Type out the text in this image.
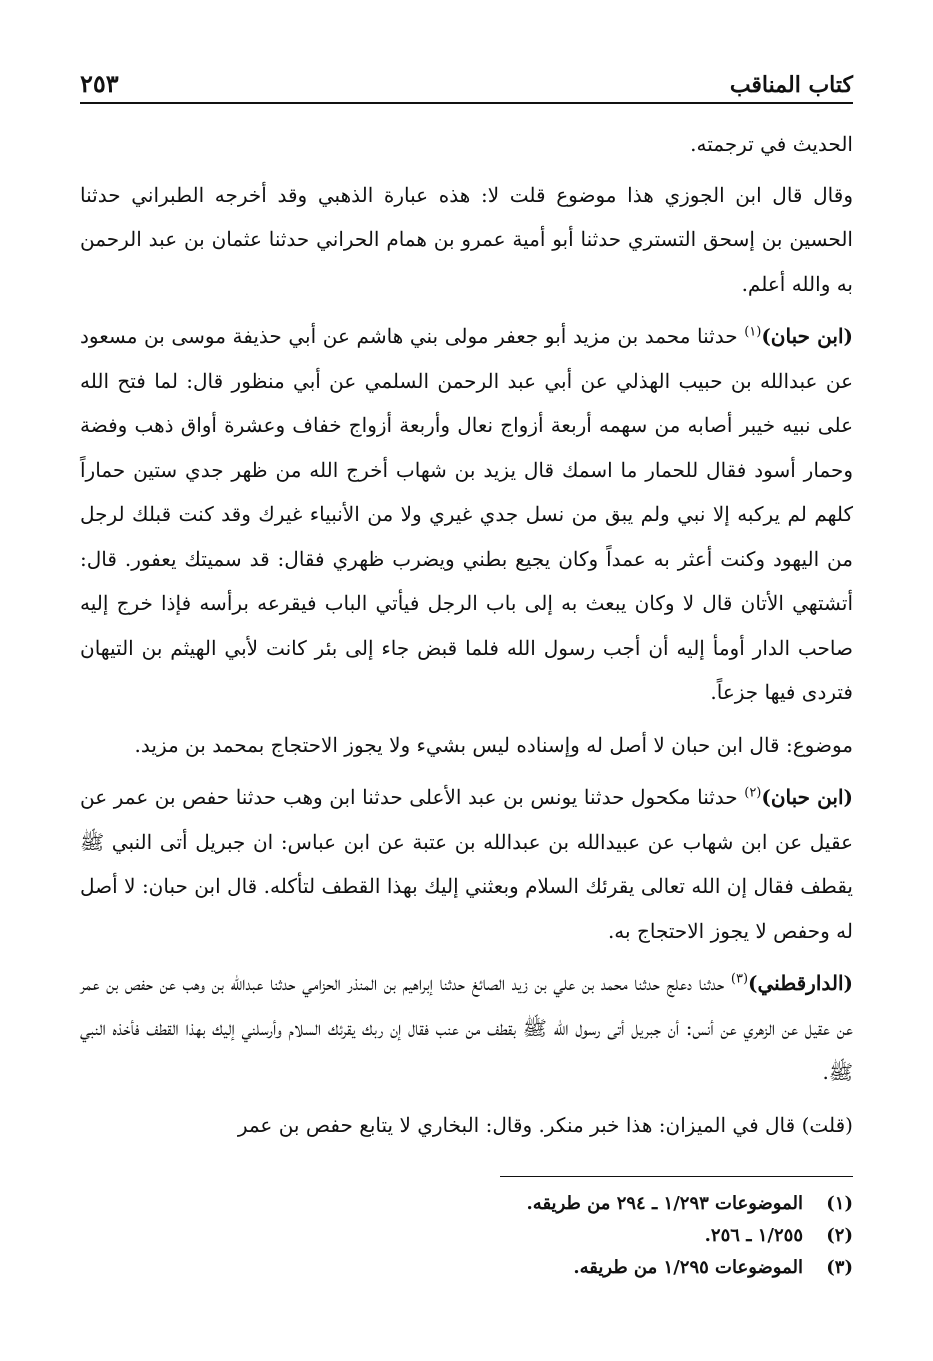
كتاب المناقب
٢٥٣

الحديث في ترجمته.

وقال قال ابن الجوزي هذا موضوع قلت لا: هذه عبارة الذهبي وقد أخرجه الطبراني حدثنا الحسين بن إسحق التستري حدثنا أبو أمية عمرو بن همام الحراني حدثنا عثمان بن عبد الرحمن به والله أعلم.

(ابن حبان)$^{(١)}$ حدثنا محمد بن مزيد أبو جعفر مولى بني هاشم عن أبي حذيفة موسى بن مسعود عن عبدالله بن حبيب الهذلي عن أبي عبد الرحمن السلمي عن أبي منظور قال: لما فتح الله على نبيه خيبر أصابه من سهمه أربعة أزواج نعال وأربعة أزواج خفاف وعشرة أواق ذهب وفضة وحمار أسود فقال للحمار ما اسمك قال يزيد بن شهاب أخرج الله من ظهر جدي ستين حماراً كلهم لم يركبه إلا نبي ولم يبق من نسل جدي غيري ولا من الأنبياء غيرك وقد كنت قبلك لرجل من اليهود وكنت أعثر به عمداً وكان يجيع بطني ويضرب ظهري فقال: قد سميتك يعفور. قال: أتشتهي الأتان قال لا وكان يبعث به إلى باب الرجل فيأتي الباب فيقرعه برأسه فإذا خرج إليه صاحب الدار أومأ إليه أن أجب رسول الله فلما قبض جاء إلى بئر كانت لأبي الهيثم بن التيهان فتردى فيها جزعاً.

موضوع: قال ابن حبان لا أصل له وإسناده ليس بشيء ولا يجوز الاحتجاج بمحمد بن مزيد.

(ابن حبان)$^{(٢)}$ حدثنا مكحول حدثنا يونس بن عبد الأعلى حدثنا ابن وهب حدثنا حفص بن عمر عن عقيل عن ابن شهاب عن عبيدالله بن عبدالله بن عتبة عن ابن عباس: ان جبريل أتى النبي ﷺ يقطف فقال إن الله تعالى يقرئك السلام وبعثني إليك بهذا القطف لتأكله. قال ابن حبان: لا أصل له وحفص لا يجوز الاحتجاج به.

(الدارقطني)$^{(٣)}$ حدثنا دعلج حدثنا محمد بن علي بن زيد الصائغ حدثنا إبراهيم بن المنذر الحزامي حدثنا عبدالله بن وهب عن حفص بن عمر عن عقيل عن الزهري عن أنس: أن جبريل أتى رسول الله ﷺ بقطف من عنب فقال إن ربك يقرئك السلام وأرسلني إليك بهذا القطف فأخذه النبي ﷺ.

(قلت) قال في الميزان: هذا خبر منكر. وقال: البخاري لا يتابع حفص بن عمر

(١)
الموضوعات ١/٢٩٣ ـ ٢٩٤ من طريقه.
(٢)
١/٢٥٥ ـ ٢٥٦.
(٣)
الموضوعات ١/٢٩٥ من طريقه.
